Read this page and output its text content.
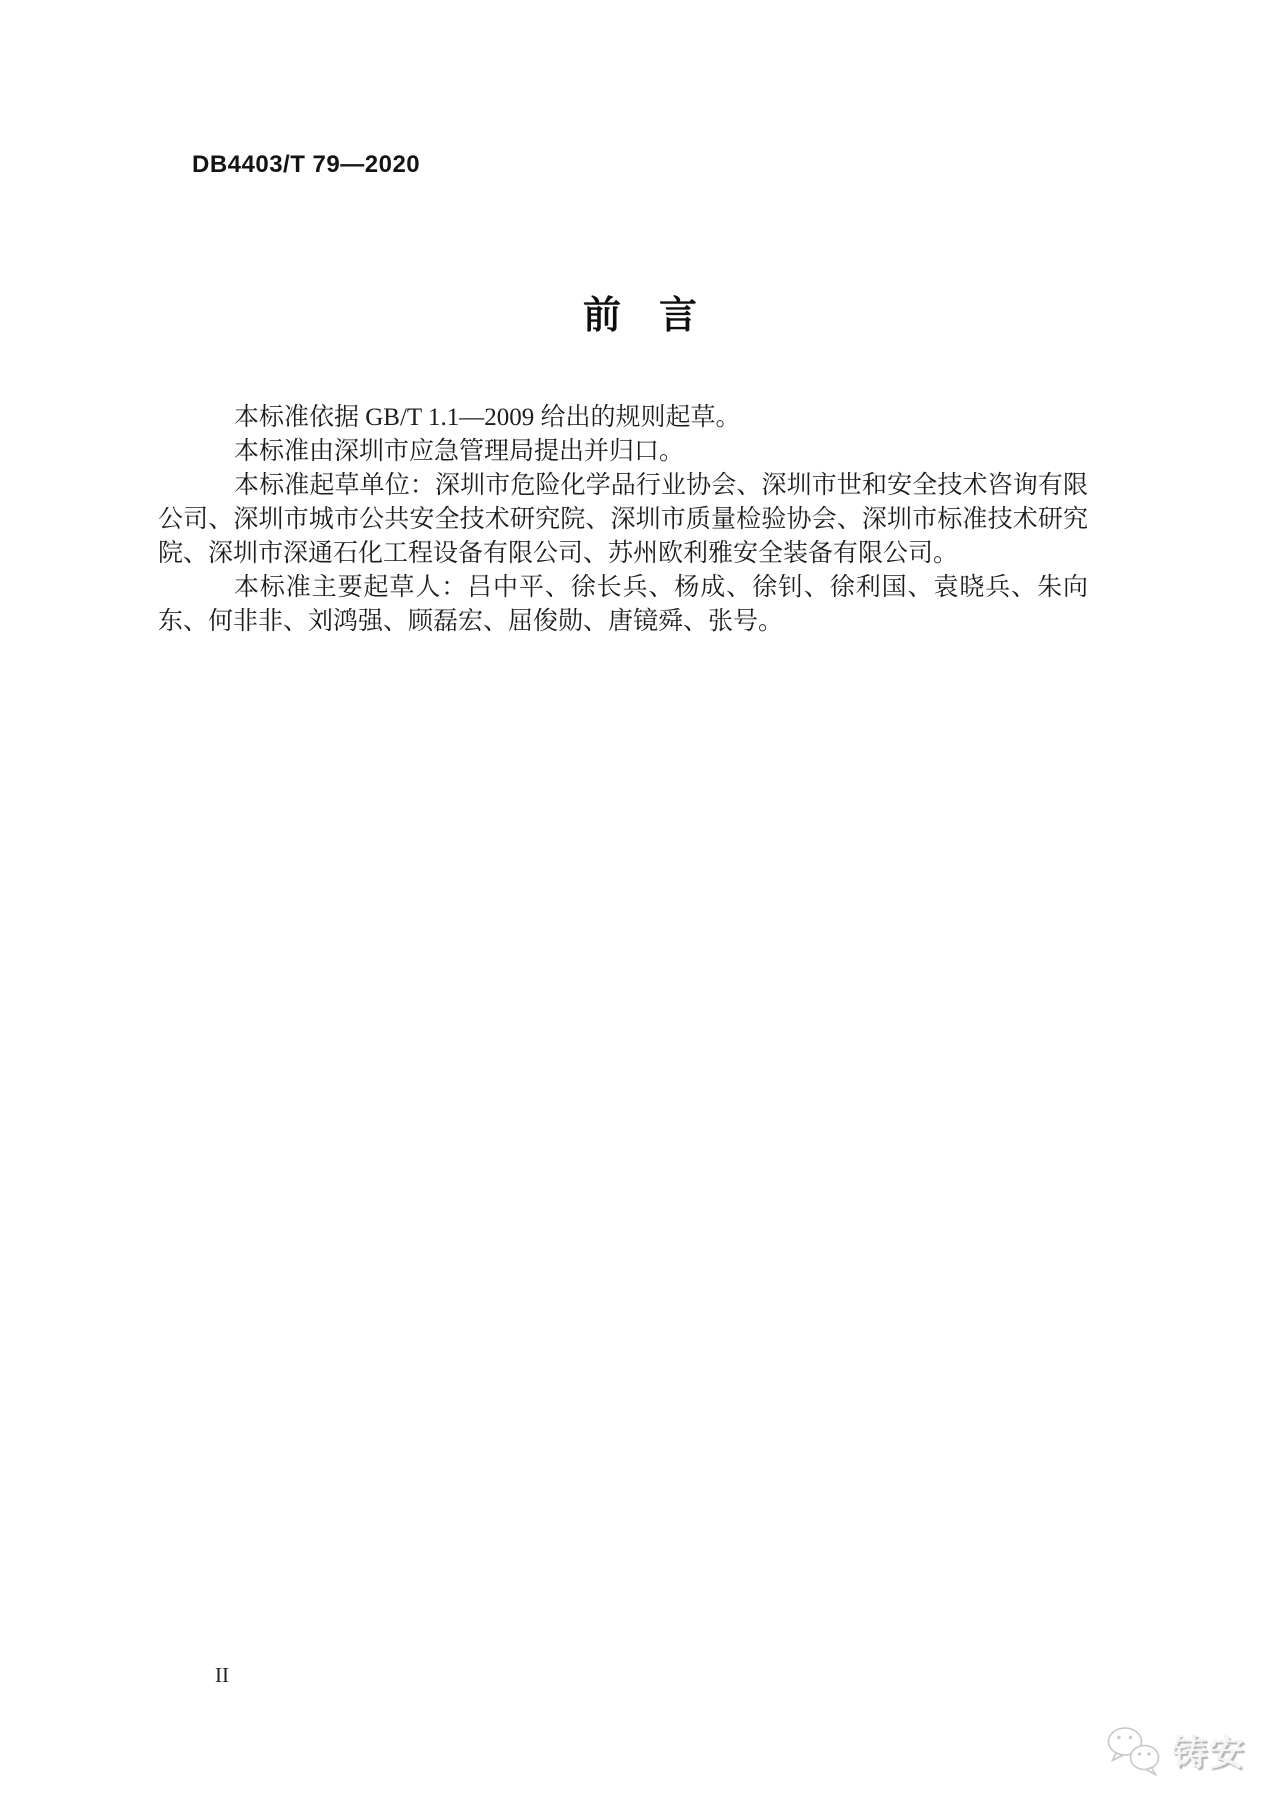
DB4403/T 79—2020
前　言

本标准依据 GB/T 1.1—2009 给出的规则起草。

本标准由深圳市应急管理局提出并归口。

本标准起草单位：深圳市危险化学品行业协会、深圳市世和安全技术咨询有限公司、深圳市城市公共安全技术研究院、深圳市质量检验协会、深圳市标准技术研究院、深圳市深通石化工程设备有限公司、苏州欧利雅安全装备有限公司。

本标准主要起草人：吕中平、徐长兵、杨成、徐钊、徐利国、袁晓兵、朱向东、何非非、刘鸿强、顾磊宏、屈俊勋、唐镜舜、张号。

II
铸安
